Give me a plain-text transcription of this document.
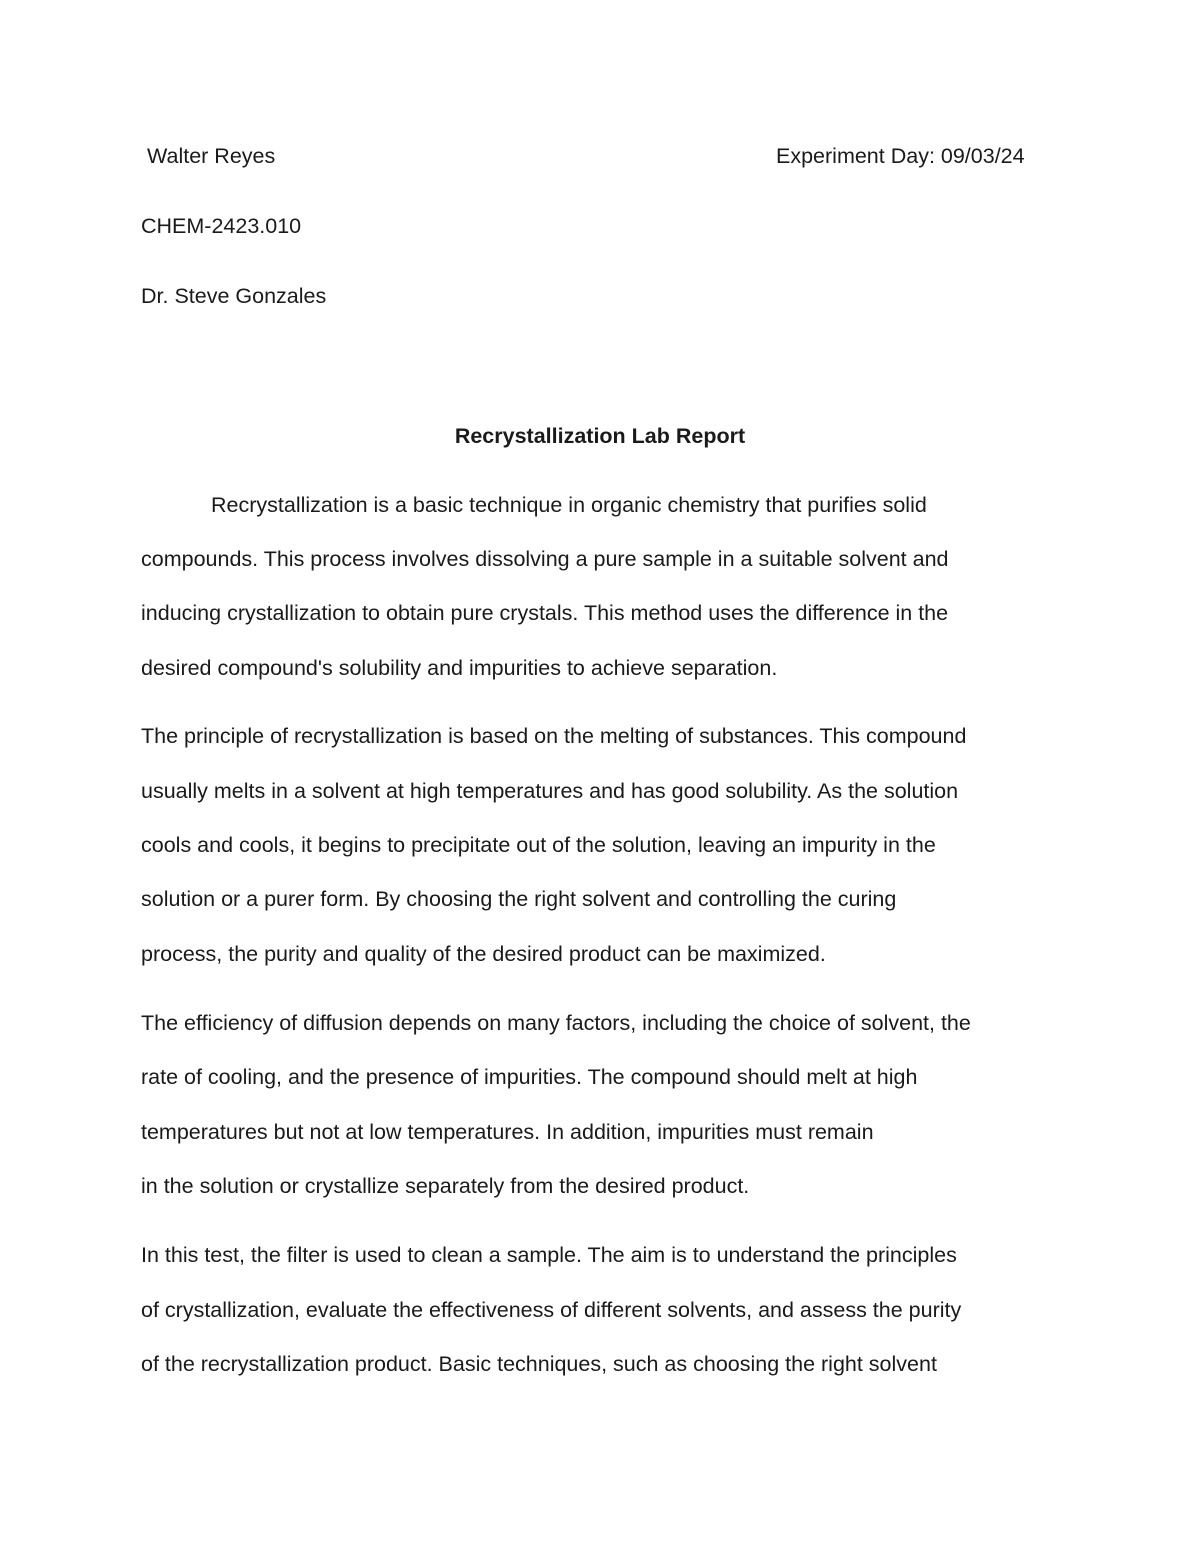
Walter Reyes	Experiment Day: 09/03/24
CHEM-2423.010
Dr. Steve Gonzales
Recrystallization Lab Report
Recrystallization is a basic technique in organic chemistry that purifies solid
compounds. This process involves dissolving a pure sample in a suitable solvent and
inducing crystallization to obtain pure crystals. This method uses the difference in the
desired compound's solubility and impurities to achieve separation.
The principle of recrystallization is based on the melting of substances. This compound
usually melts in a solvent at high temperatures and has good solubility. As the solution
cools and cools, it begins to precipitate out of the solution, leaving an impurity in the
solution or a purer form. By choosing the right solvent and controlling the curing
process, the purity and quality of the desired product can be maximized.
The efficiency of diffusion depends on many factors, including the choice of solvent, the
rate of cooling, and the presence of impurities. The compound should melt at high
temperatures but not at low temperatures. In addition, impurities must remain
in the solution or crystallize separately from the desired product.
In this test, the filter is used to clean a sample. The aim is to understand the principles
of crystallization, evaluate the effectiveness of different solvents, and assess the purity
of the recrystallization product. Basic techniques, such as choosing the right solvent
